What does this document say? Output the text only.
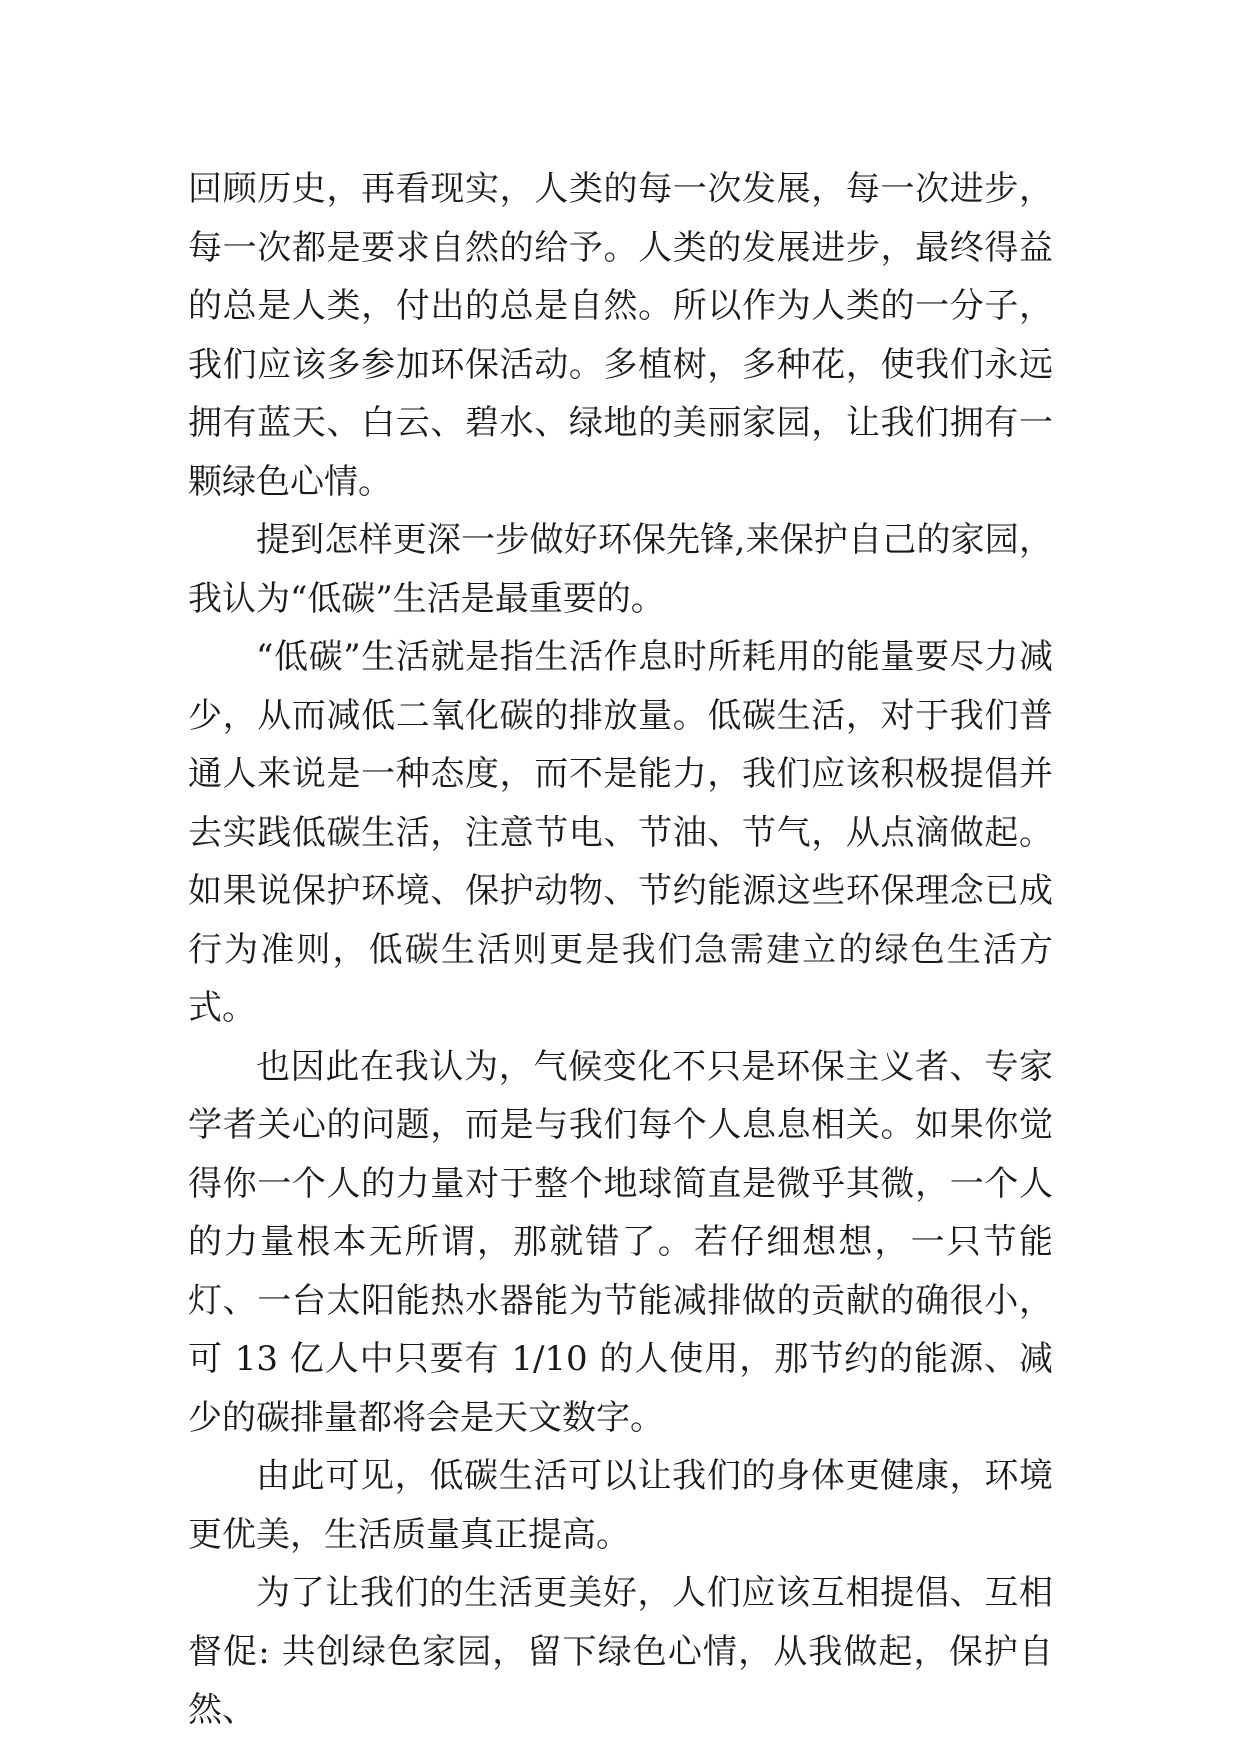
回顾历史，再看现实，人类的每一次发展，每一次进步，每一次都是要求自然的给予。人类的发展进步，最终得益的总是人类，付出的总是自然。所以作为人类的一分子，我们应该多参加环保活动。多植树，多种花，使我们永远拥有蓝天、白云、碧水、绿地的美丽家园，让我们拥有一颗绿色心情。

提到怎样更深一步做好环保先锋,来保护自己的家园，我认为“低碳”生活是最重要的。

“低碳”生活就是指生活作息时所耗用的能量要尽力减少，从而减低二氧化碳的排放量。低碳生活，对于我们普通人来说是一种态度，而不是能力，我们应该积极提倡并去实践低碳生活，注意节电、节油、节气，从点滴做起。如果说保护环境、保护动物、节约能源这些环保理念已成行为准则，低碳生活则更是我们急需建立的绿色生活方式。

也因此在我认为，气候变化不只是环保主义者、专家学者关心的问题，而是与我们每个人息息相关。如果你觉得你一个人的力量对于整个地球简直是微乎其微，一个人的力量根本无所谓，那就错了。若仔细想想，一只节能灯、一台太阳能热水器能为节能减排做的贡献的确很小，可 13 亿人中只要有 1/10 的人使用，那节约的能源、减少的碳排量都将会是天文数字。

由此可见，低碳生活可以让我们的身体更健康，环境更优美，生活质量真正提高。

为了让我们的生活更美好，人们应该互相提倡、互相督促: 共创绿色家园，留下绿色心情，从我做起，保护自然、
